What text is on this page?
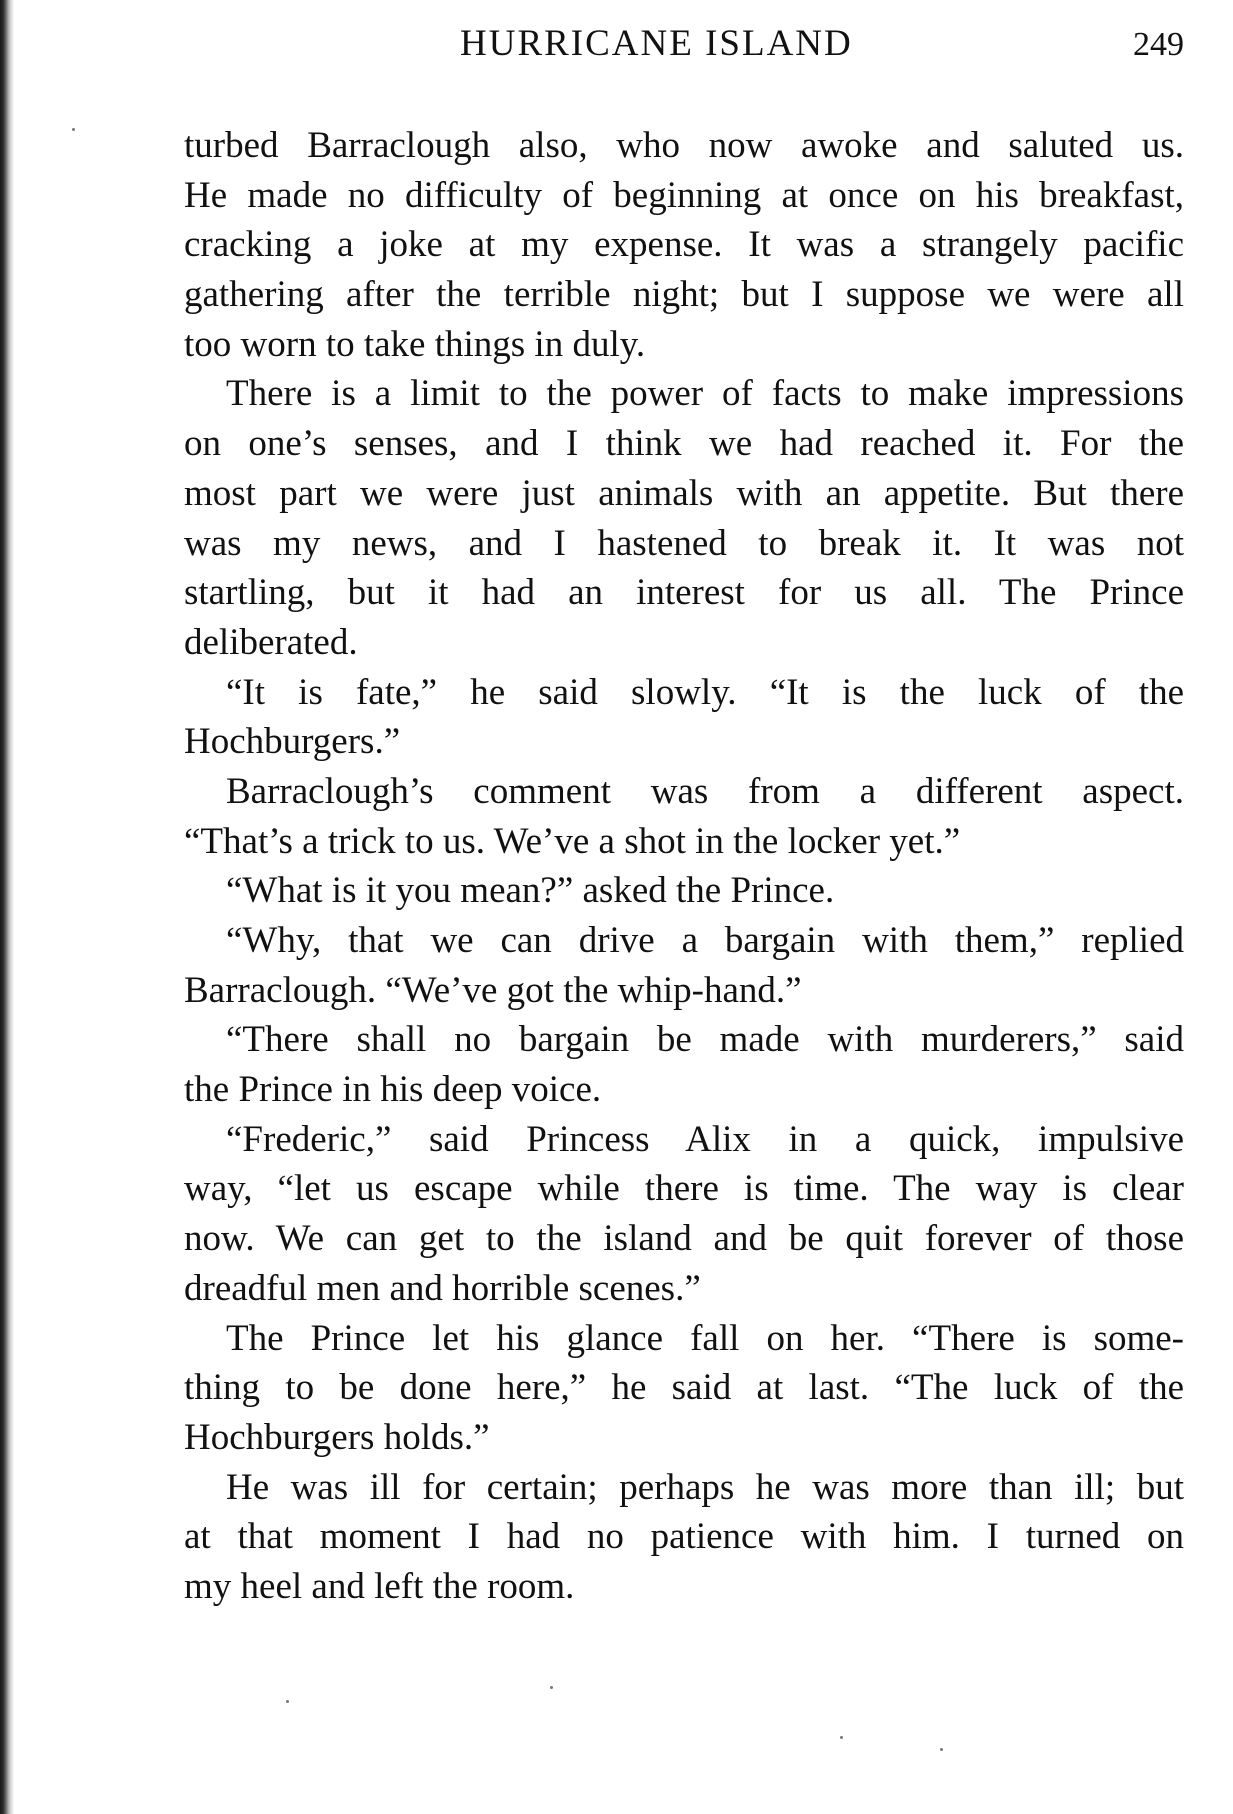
HURRICANE ISLAND	249
turbed Barraclough also, who now awoke and saluted us.
He made no difficulty of beginning at once on his breakfast,
cracking a joke at my expense. It was a strangely pacific
gathering after the terrible night; but I suppose we were all
too worn to take things in duly.
There is a limit to the power of facts to make impressions
on one’s senses, and I think we had reached it. For the
most part we were just animals with an appetite. But there
was my news, and I hastened to break it. It was not
startling, but it had an interest for us all. The Prince
deliberated.
“It is fate,” he said slowly. “It is the luck of the
Hochburgers.”
Barraclough’s comment was from a different aspect.
“That’s a trick to us. We’ve a shot in the locker yet.”
“What is it you mean?” asked the Prince.
“Why, that we can drive a bargain with them,” replied
Barraclough. “We’ve got the whip-hand.”
“There shall no bargain be made with murderers,” said
the Prince in his deep voice.
“Frederic,” said Princess Alix in a quick, impulsive
way, “let us escape while there is time. The way is clear
now. We can get to the island and be quit forever of those
dreadful men and horrible scenes.”
The Prince let his glance fall on her. “There is some-
thing to be done here,” he said at last. “The luck of the
Hochburgers holds.”
He was ill for certain; perhaps he was more than ill; but
at that moment I had no patience with him. I turned on
my heel and left the room.
